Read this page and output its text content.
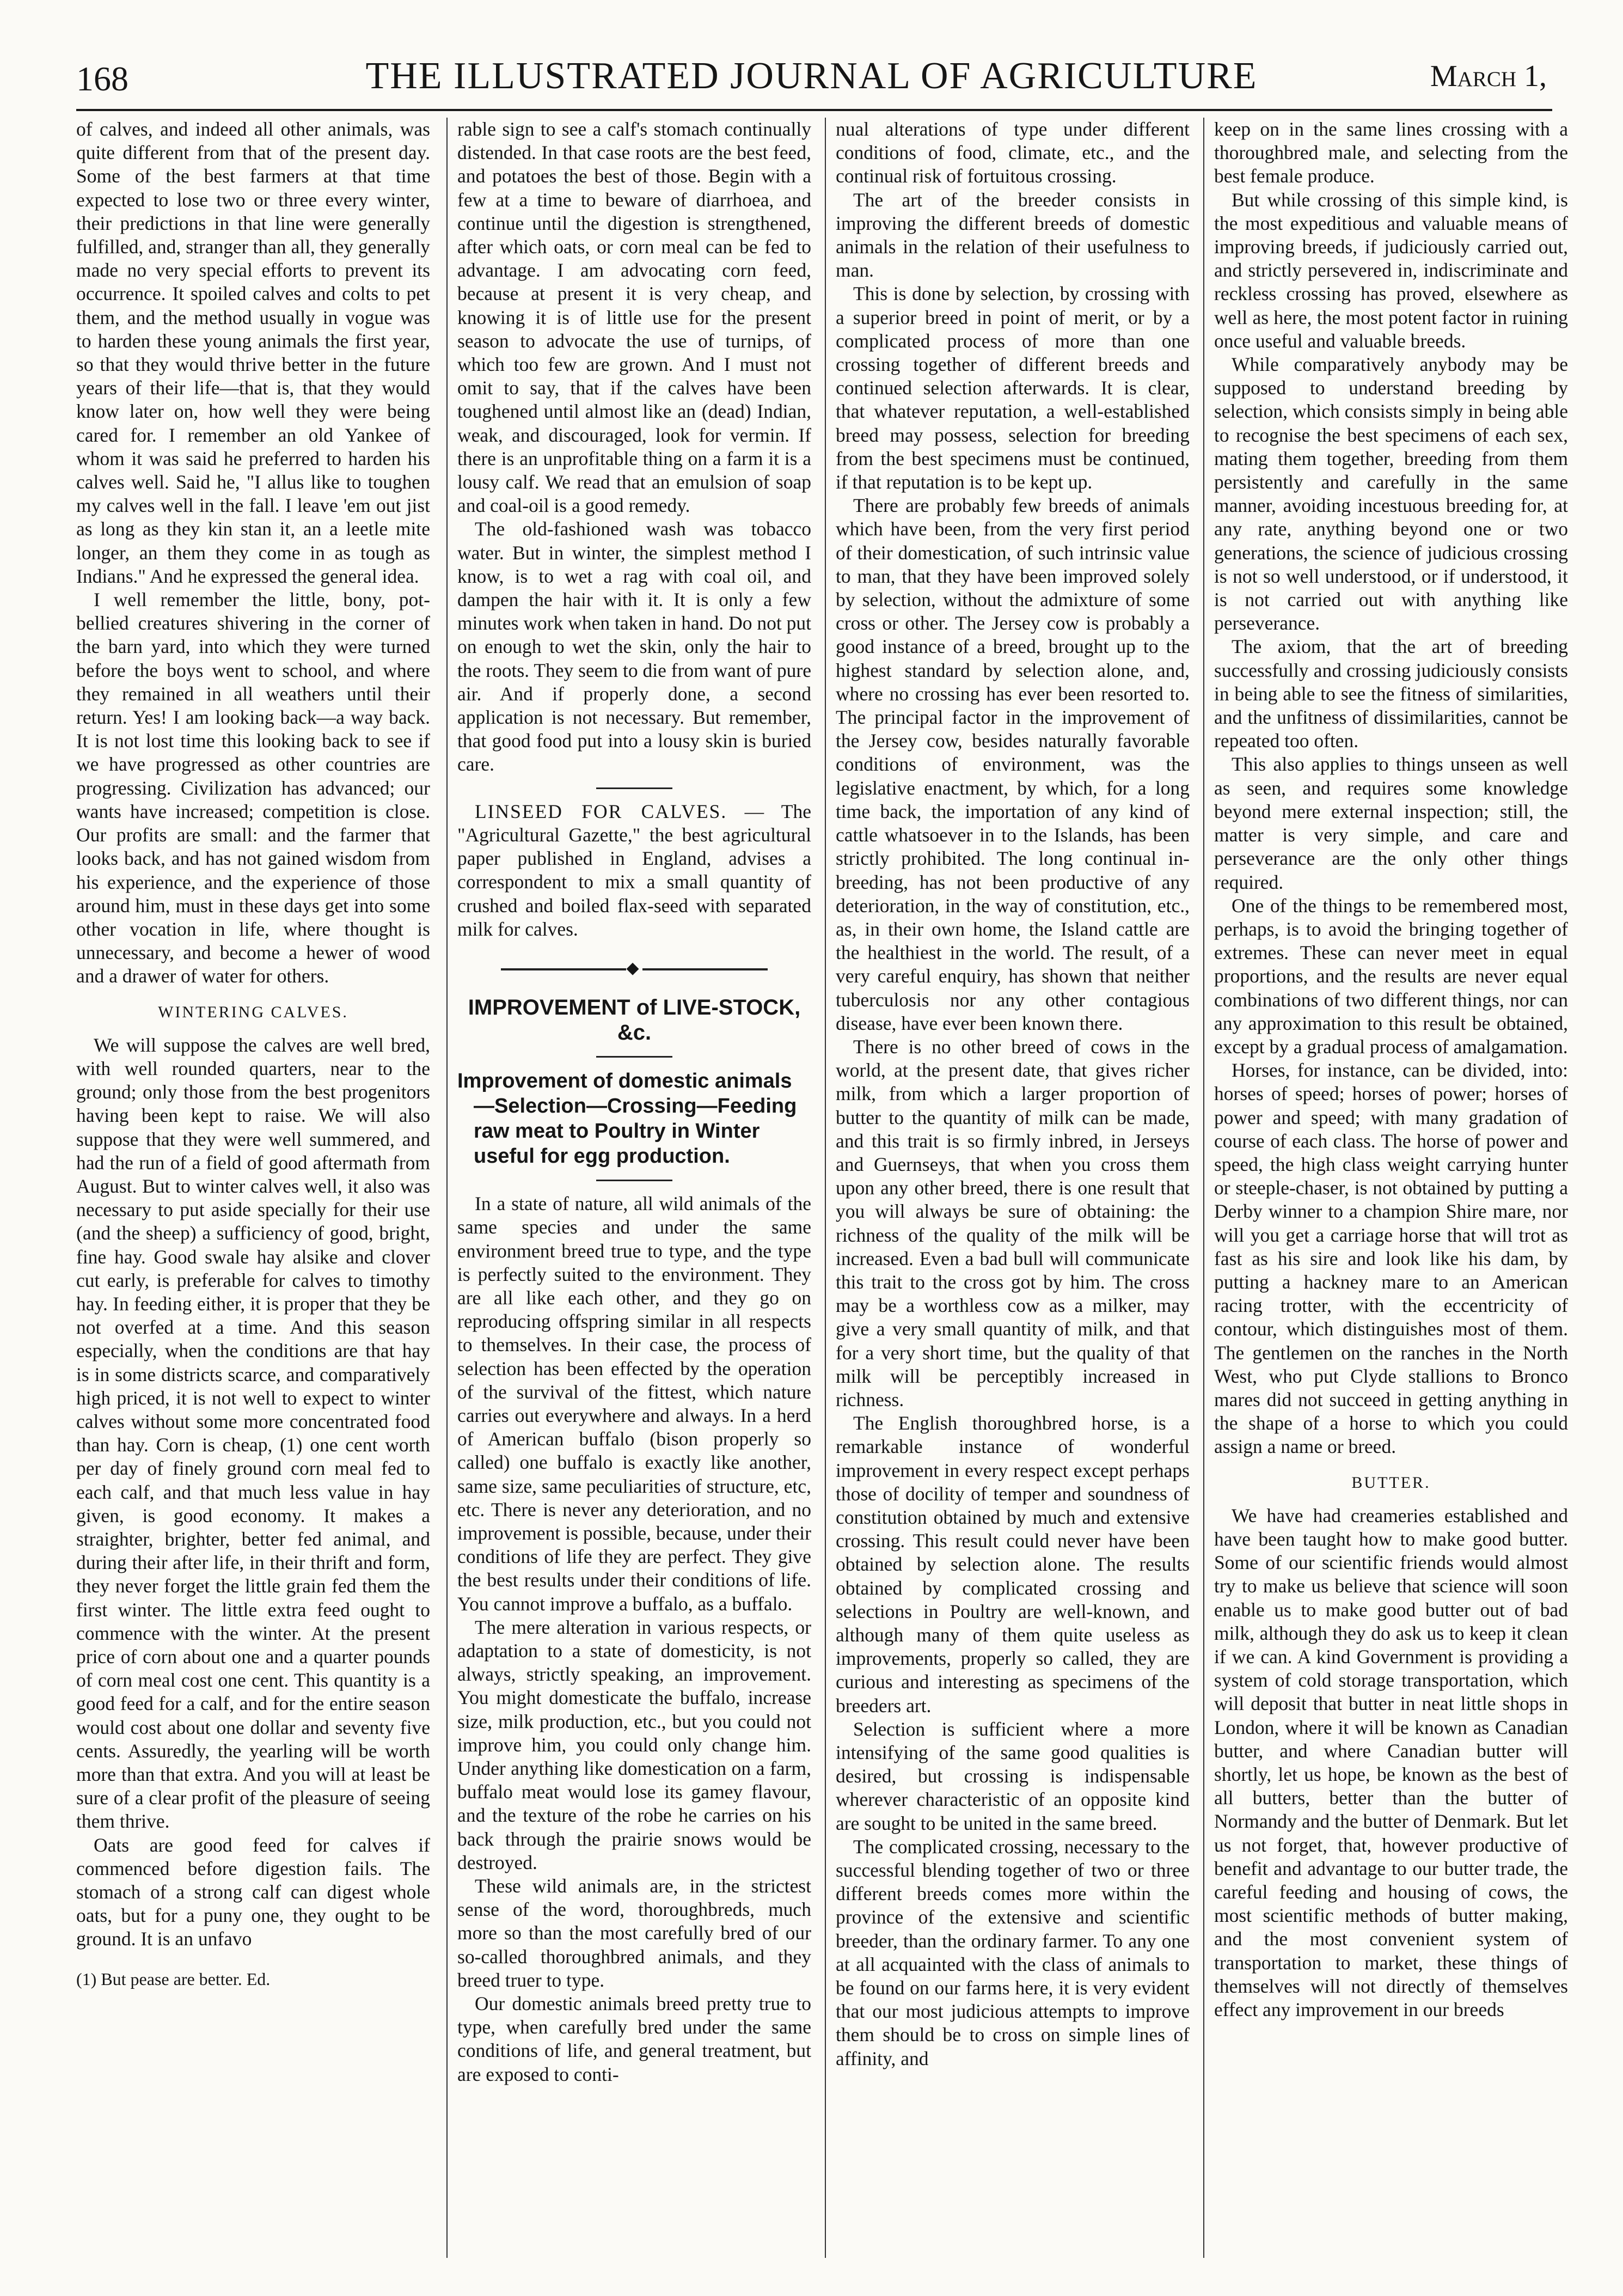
168	THE ILLUSTRATED JOURNAL OF AGRICULTURE	March 1,

of calves, and indeed all other animals, was quite different from that of the present day. Some of the best farmers at that time expected to lose two or three every winter, their predictions in that line were generally fulfilled, and, stranger than all, they generally made no very special efforts to prevent its occurrence. It spoiled calves and colts to pet them, and the method usually in vogue was to harden these young animals the first year, so that they would thrive better in the future years of their life—that is, that they would know later on, how well they were being cared for. I remember an old Yankee of whom it was said he preferred to harden his calves well. Said he, "I allus like to toughen my calves well in the fall. I leave 'em out jist as long as they kin stan it, an a leetle mite longer, an them they come in as tough as Indians." And he expressed the general idea.

I well remember the little, bony, pot-bellied creatures shivering in the corner of the barn yard, into which they were turned before the boys went to school, and where they remained in all weathers until their return. Yes! I am looking back—a way back. It is not lost time this looking back to see if we have progressed as other countries are progressing. Civilization has advanced; our wants have increased; competition is close. Our profits are small: and the farmer that looks back, and has not gained wisdom from his experience, and the experience of those around him, must in these days get into some other vocation in life, where thought is unnecessary, and become a hewer of wood and a drawer of water for others.

WINTERING CALVES.

We will suppose the calves are well bred, with well rounded quarters, near to the ground; only those from the best progenitors having been kept to raise. We will also suppose that they were well summered, and had the run of a field of good aftermath from August. But to winter calves well, it also was necessary to put aside specially for their use (and the sheep) a sufficiency of good, bright, fine hay. Good swale hay alsike and clover cut early, is preferable for calves to timothy hay. In feeding either, it is proper that they be not overfed at a time. And this season especially, when the conditions are that hay is in some districts scarce, and comparatively high priced, it is not well to expect to winter calves without some more concentrated food than hay. Corn is cheap, (1) one cent worth per day of finely ground corn meal fed to each calf, and that much less value in hay given, is good economy. It makes a straighter, brighter, better fed animal, and during their after life, in their thrift and form, they never forget the little grain fed them the first winter. The little extra feed ought to commence with the winter. At the present price of corn about one and a quarter pounds of corn meal cost one cent. This quantity is a good feed for a calf, and for the entire season would cost about one dollar and seventy five cents. Assuredly, the yearling will be worth more than that extra. And you will at least be sure of a clear profit of the pleasure of seeing them thrive.

Oats are good feed for calves if commenced before digestion fails. The stomach of a strong calf can digest whole oats, but for a puny one, they ought to be ground. It is an unfavo

(1) But pease are better. Ed.

rable sign to see a calf's stomach continually distended. In that case roots are the best feed, and potatoes the best of those. Begin with a few at a time to beware of diarrhoea, and continue until the digestion is strengthened, after which oats, or corn meal can be fed to advantage. I am advocating corn feed, because at present it is very cheap, and knowing it is of little use for the present season to advocate the use of turnips, of which too few are grown. And I must not omit to say, that if the calves have been toughened until almost like an (dead) Indian, weak, and discouraged, look for vermin. If there is an unprofitable thing on a farm it is a lousy calf. We read that an emulsion of soap and coal-oil is a good remedy.

The old-fashioned wash was tobacco water. But in winter, the simplest method I know, is to wet a rag with coal oil, and dampen the hair with it. It is only a few minutes work when taken in hand. Do not put on enough to wet the skin, only the hair to the roots. They seem to die from want of pure air. And if properly done, a second application is not necessary. But remember, that good food put into a lousy skin is buried care.

LINSEED FOR CALVES. — The "Agricultural Gazette," the best agricultural paper published in England, advises a correspondent to mix a small quantity of crushed and boiled flax-seed with separated milk for calves.

◆
IMPROVEMENT of LIVE-STOCK, &c.
Improvement of domestic animals—Selection—Crossing—Feeding raw meat to Poultry in Winter useful for egg production.

In a state of nature, all wild animals of the same species and under the same environment breed true to type, and the type is perfectly suited to the environment. They are all like each other, and they go on reproducing offspring similar in all respects to themselves. In their case, the process of selection has been effected by the operation of the survival of the fittest, which nature carries out everywhere and always. In a herd of American buffalo (bison properly so called) one buffalo is exactly like another, same size, same peculiarities of structure, etc, etc. There is never any deterioration, and no improvement is possible, because, under their conditions of life they are perfect. They give the best results under their conditions of life. You cannot improve a buffalo, as a buffalo.

The mere alteration in various respects, or adaptation to a state of domesticity, is not always, strictly speaking, an improvement. You might domesticate the buffalo, increase size, milk production, etc., but you could not improve him, you could only change him. Under anything like domestication on a farm, buffalo meat would lose its gamey flavour, and the texture of the robe he carries on his back through the prairie snows would be destroyed.

These wild animals are, in the strictest sense of the word, thoroughbreds, much more so than the most carefully bred of our so-called thoroughbred animals, and they breed truer to type.

Our domestic animals breed pretty true to type, when carefully bred under the same conditions of life, and general treatment, but are exposed to conti-

nual alterations of type under different conditions of food, climate, etc., and the continual risk of fortuitous crossing.

The art of the breeder consists in improving the different breeds of domestic animals in the relation of their usefulness to man.

This is done by selection, by crossing with a superior breed in point of merit, or by a complicated process of more than one crossing together of different breeds and continued selection afterwards. It is clear, that whatever reputation, a well-established breed may possess, selection for breeding from the best specimens must be continued, if that reputation is to be kept up.

There are probably few breeds of animals which have been, from the very first period of their domestication, of such intrinsic value to man, that they have been improved solely by selection, without the admixture of some cross or other. The Jersey cow is probably a good instance of a breed, brought up to the highest standard by selection alone, and, where no crossing has ever been resorted to. The principal factor in the improvement of the Jersey cow, besides naturally favorable conditions of environment, was the legislative enactment, by which, for a long time back, the importation of any kind of cattle whatsoever in to the Islands, has been strictly prohibited. The long continual in-breeding, has not been productive of any deterioration, in the way of constitution, etc., as, in their own home, the Island cattle are the healthiest in the world. The result, of a very careful enquiry, has shown that neither tuberculosis nor any other contagious disease, have ever been known there.

There is no other breed of cows in the world, at the present date, that gives richer milk, from which a larger proportion of butter to the quantity of milk can be made, and this trait is so firmly inbred, in Jerseys and Guernseys, that when you cross them upon any other breed, there is one result that you will always be sure of obtaining: the richness of the quality of the milk will be increased. Even a bad bull will communicate this trait to the cross got by him. The cross may be a worthless cow as a milker, may give a very small quantity of milk, and that for a very short time, but the quality of that milk will be perceptibly increased in richness.

The English thoroughbred horse, is a remarkable instance of wonderful improvement in every respect except perhaps those of docility of temper and soundness of constitution obtained by much and extensive crossing. This result could never have been obtained by selection alone. The results obtained by complicated crossing and selections in Poultry are well-known, and although many of them quite useless as improvements, properly so called, they are curious and interesting as specimens of the breeders art.

Selection is sufficient where a more intensifying of the same good qualities is desired, but crossing is indispensable wherever characteristic of an opposite kind are sought to be united in the same breed.

The complicated crossing, necessary to the successful blending together of two or three different breeds comes more within the province of the extensive and scientific breeder, than the ordinary farmer. To any one at all acquainted with the class of animals to be found on our farms here, it is very evident that our most judicious attempts to improve them should be to cross on simple lines of affinity, and

keep on in the same lines crossing with a thoroughbred male, and selecting from the best female produce.

But while crossing of this simple kind, is the most expeditious and valuable means of improving breeds, if judiciously carried out, and strictly persevered in, indiscriminate and reckless crossing has proved, elsewhere as well as here, the most potent factor in ruining once useful and valuable breeds.

While comparatively anybody may be supposed to understand breeding by selection, which consists simply in being able to recognise the best specimens of each sex, mating them together, breeding from them persistently and carefully in the same manner, avoiding incestuous breeding for, at any rate, anything beyond one or two generations, the science of judicious crossing is not so well understood, or if understood, it is not carried out with anything like perseverance.

The axiom, that the art of breeding successfully and crossing judiciously consists in being able to see the fitness of similarities, and the unfitness of dissimilarities, cannot be repeated too often.

This also applies to things unseen as well as seen, and requires some knowledge beyond mere external inspection; still, the matter is very simple, and care and perseverance are the only other things required.

One of the things to be remembered most, perhaps, is to avoid the bringing together of extremes. These can never meet in equal proportions, and the results are never equal combinations of two different things, nor can any approximation to this result be obtained, except by a gradual process of amalgamation.

Horses, for instance, can be divided, into: horses of speed; horses of power; horses of power and speed; with many gradation of course of each class. The horse of power and speed, the high class weight carrying hunter or steeple-chaser, is not obtained by putting a Derby winner to a champion Shire mare, nor will you get a carriage horse that will trot as fast as his sire and look like his dam, by putting a hackney mare to an American racing trotter, with the eccentricity of contour, which distinguishes most of them. The gentlemen on the ranches in the North West, who put Clyde stallions to Bronco mares did not succeed in getting anything in the shape of a horse to which you could assign a name or breed.

BUTTER.

We have had creameries established and have been taught how to make good butter. Some of our scientific friends would almost try to make us believe that science will soon enable us to make good butter out of bad milk, although they do ask us to keep it clean if we can. A kind Government is providing a system of cold storage transportation, which will deposit that butter in neat little shops in London, where it will be known as Canadian butter, and where Canadian butter will shortly, let us hope, be known as the best of all butters, better than the butter of Normandy and the butter of Denmark. But let us not forget, that, however productive of benefit and advantage to our butter trade, the careful feeding and housing of cows, the most scientific methods of butter making, and the most convenient system of transportation to market, these things of themselves will not directly of themselves effect any improvement in our breeds
